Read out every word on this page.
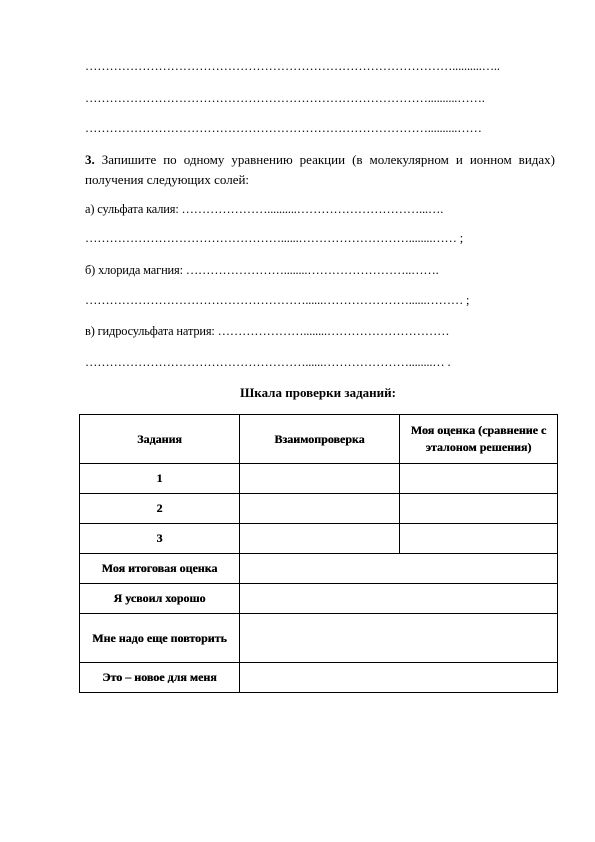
………………………………………………………………………………..........…..
…………………………………………………………………………..........…….
…………………………………………………………………………..........……
3. Запишите по одному уравнению реакции (в молекулярном и ионном видах) получения следующих солей:
а) сульфата калия: …………………..........…………………………...….
…………………………………………......………………………........…… ;
б) хлорида магния: ……………………........……………………..…….
………………………………………………......…………………......……… ;
в) гидросульфата натрия: …………………........…………………………
………………………………………………......…………………........… .
Шкала проверки заданий:
Задания	Взаимопроверка	Моя оценка (сравнение с эталоном решения)
1		
2		
3		
Моя итоговая оценка		
Я усвоил хорошо		
Мне надо еще повторить		
Это – новое для меня		
